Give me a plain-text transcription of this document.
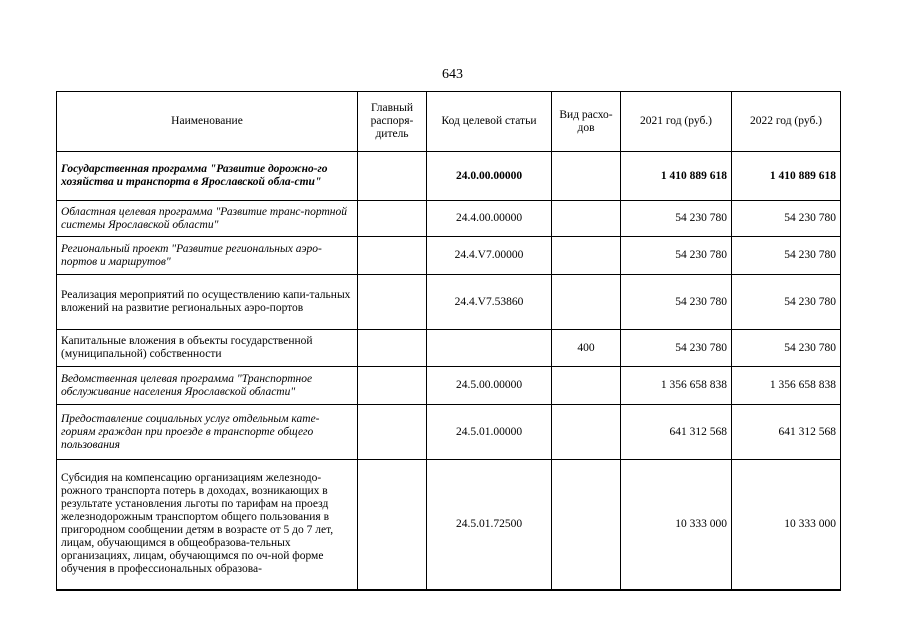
643
Наименование	Главный распоря-дитель	Код целевой статьи	Вид расхо-дов	2021 год (руб.)	2022 год (руб.)
Государственная программа "Развитие дорожно-го хозяйства и транспорта в Ярославской обла-сти"		24.0.00.00000		1 410 889 618	1 410 889 618
Областная целевая программа "Развитие транс-портной системы Ярославской области"		24.4.00.00000		54 230 780	54 230 780
Региональный проект "Развитие региональных аэро-портов и маршрутов"		24.4.V7.00000		54 230 780	54 230 780
Реализация мероприятий по осуществлению капи-тальных вложений на развитие региональных аэро-портов		24.4.V7.53860		54 230 780	54 230 780
Капитальные вложения в объекты государственной (муниципальной) собственности			400	54 230 780	54 230 780
Ведомственная целевая программа "Транспортное обслуживание населения Ярославской области"		24.5.00.00000		1 356 658 838	1 356 658 838
Предоставление социальных услуг отдельным кате-гориям граждан при проезде в транспорте общего пользования		24.5.01.00000		641 312 568	641 312 568
Субсидия на компенсацию организациям железнодо-рожного транспорта потерь в доходах, возникающих в результате установления льготы по тарифам на проезд железнодорожным транспортом общего пользования в пригородном сообщении детям в возрасте от 5 до 7 лет, лицам, обучающимся в общеобразова-тельных организациях, лицам, обучающимся по оч-ной форме обучения в профессиональных образова-		24.5.01.72500		10 333 000	10 333 000
